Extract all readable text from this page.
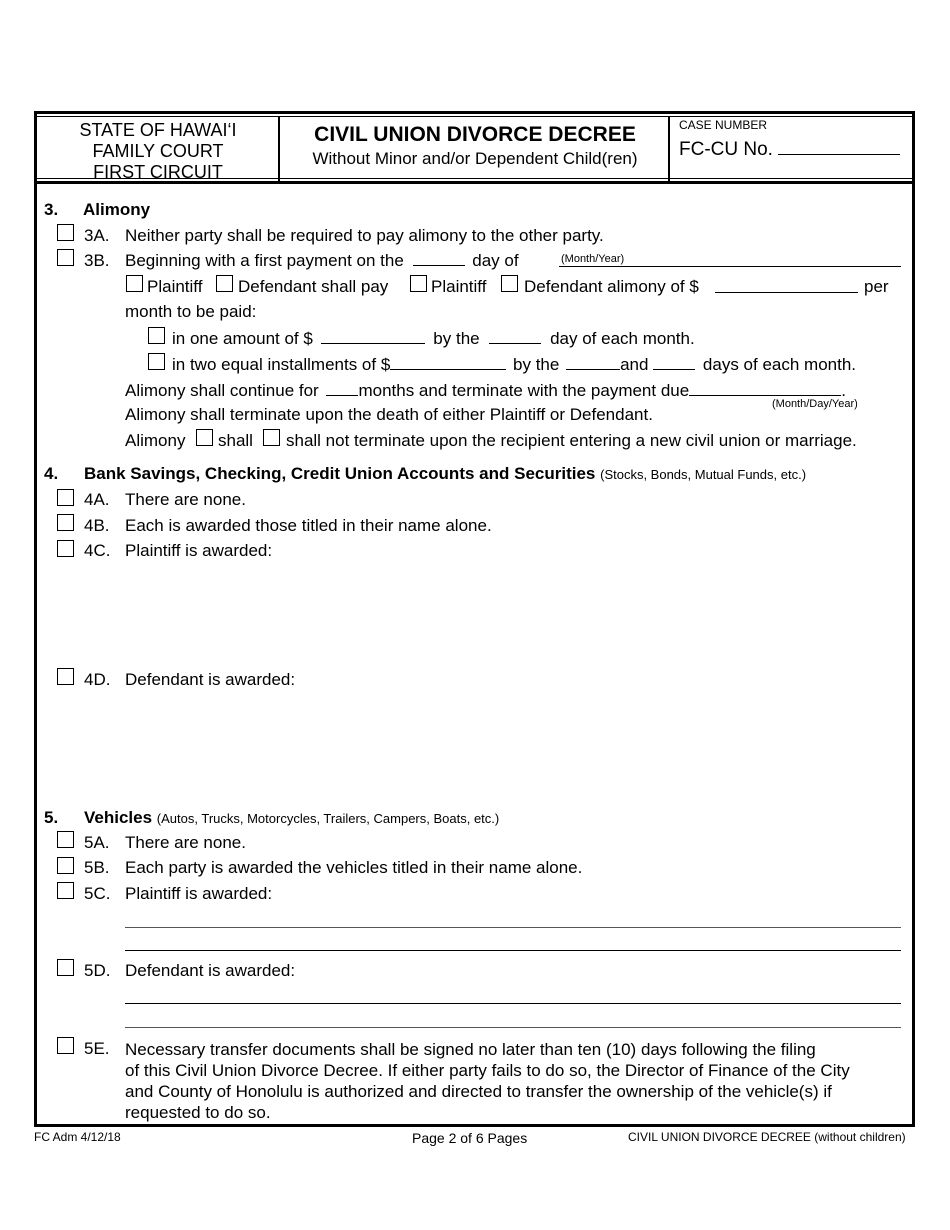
STATE OF HAWAI‘I
FAMILY COURT
FIRST CIRCUIT
CIVIL UNION DIVORCE DECREE
Without Minor and/or Dependent Child(ren)
CASE NUMBER
FC-CU No.
3. Alimony
3A. Neither party shall be required to pay alimony to the other party.
3B. Beginning with a first payment on the	day of	(Month/Year)
Plaintiff Defendant shall pay	Plaintiff Defendant alimony of $	per
month to be paid:
in one amount of $	by the	day of each month.
in two equal installments of $	by the	and	days of each month.
Alimony shall continue for months and terminate with the payment due	.
(Month/Day/Year)
Alimony shall terminate upon the death of either Plaintiff or Defendant.
Alimony shall shall not terminate upon the recipient entering a new civil union or marriage.
4. Bank Savings, Checking, Credit Union Accounts and Securities (Stocks, Bonds, Mutual Funds, etc.)
4A. There are none.
4B. Each is awarded those titled in their name alone.
4C. Plaintiff is awarded:
4D. Defendant is awarded:
5. Vehicles (Autos, Trucks, Motorcycles, Trailers, Campers, Boats, etc.)
5A. There are none.
5B. Each party is awarded the vehicles titled in their name alone.
5C. Plaintiff is awarded:
5D. Defendant is awarded:
5E. Necessary transfer documents shall be signed no later than ten (10) days following the filing
of this Civil Union Divorce Decree. If either party fails to do so, the Director of Finance of the City
and County of Honolulu is authorized and directed to transfer the ownership of the vehicle(s) if
requested to do so.
FC Adm 4/12/18	Page 2 of 6 Pages	CIVIL UNION DIVORCE DECREE (without children)
